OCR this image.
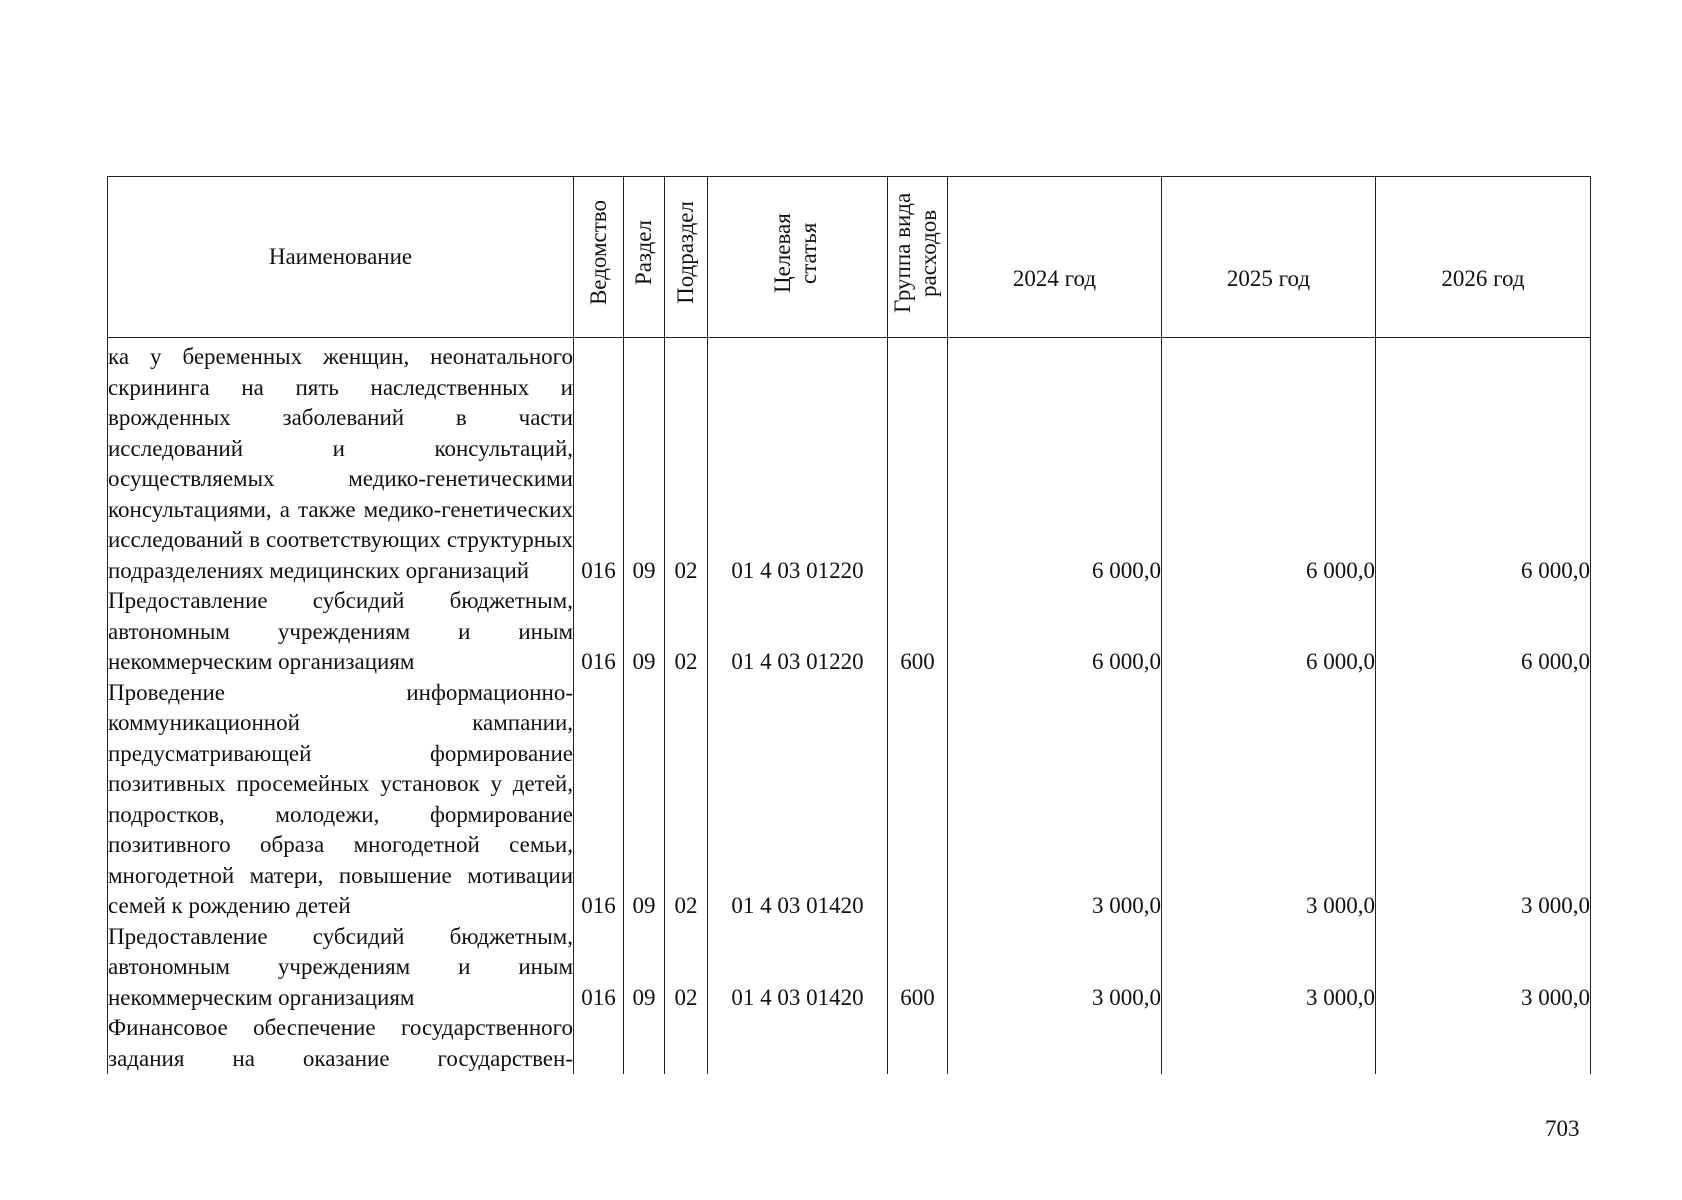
Наименование	Ведомство	Раздел	Подраздел	Целевая статья	Группа вида расходов	2024 год	2025 год	2026 год

ка у беременных женщин, неонатального скрининга на пять наследственных и врожденных заболеваний в части исследований и консультаций, осуществляемых медико-генетическими консультациями, а также медико-генетических исследований в соответствующих структурных подразделениях медицинских организаций	016	09	02	01 4 03 01220		6 000,0	6 000,0	6 000,0
Предоставление субсидий бюджетным, автономным учреждениям и иным некоммерческим организациям	016	09	02	01 4 03 01220	600	6 000,0	6 000,0	6 000,0
Проведение информационно-коммуникационной кампании, предусматривающей формирование позитивных просемейных установок у детей, подростков, молодежи, формирование позитивного образа многодетной семьи, многодетной матери, повышение мотивации семей к рождению детей	016	09	02	01 4 03 01420		3 000,0	3 000,0	3 000,0
Предоставление субсидий бюджетным, автономным учреждениям и иным некоммерческим организациям	016	09	02	01 4 03 01420	600	3 000,0	3 000,0	3 000,0
Финансовое обеспечение государственного задания на оказание государствен-								
703
